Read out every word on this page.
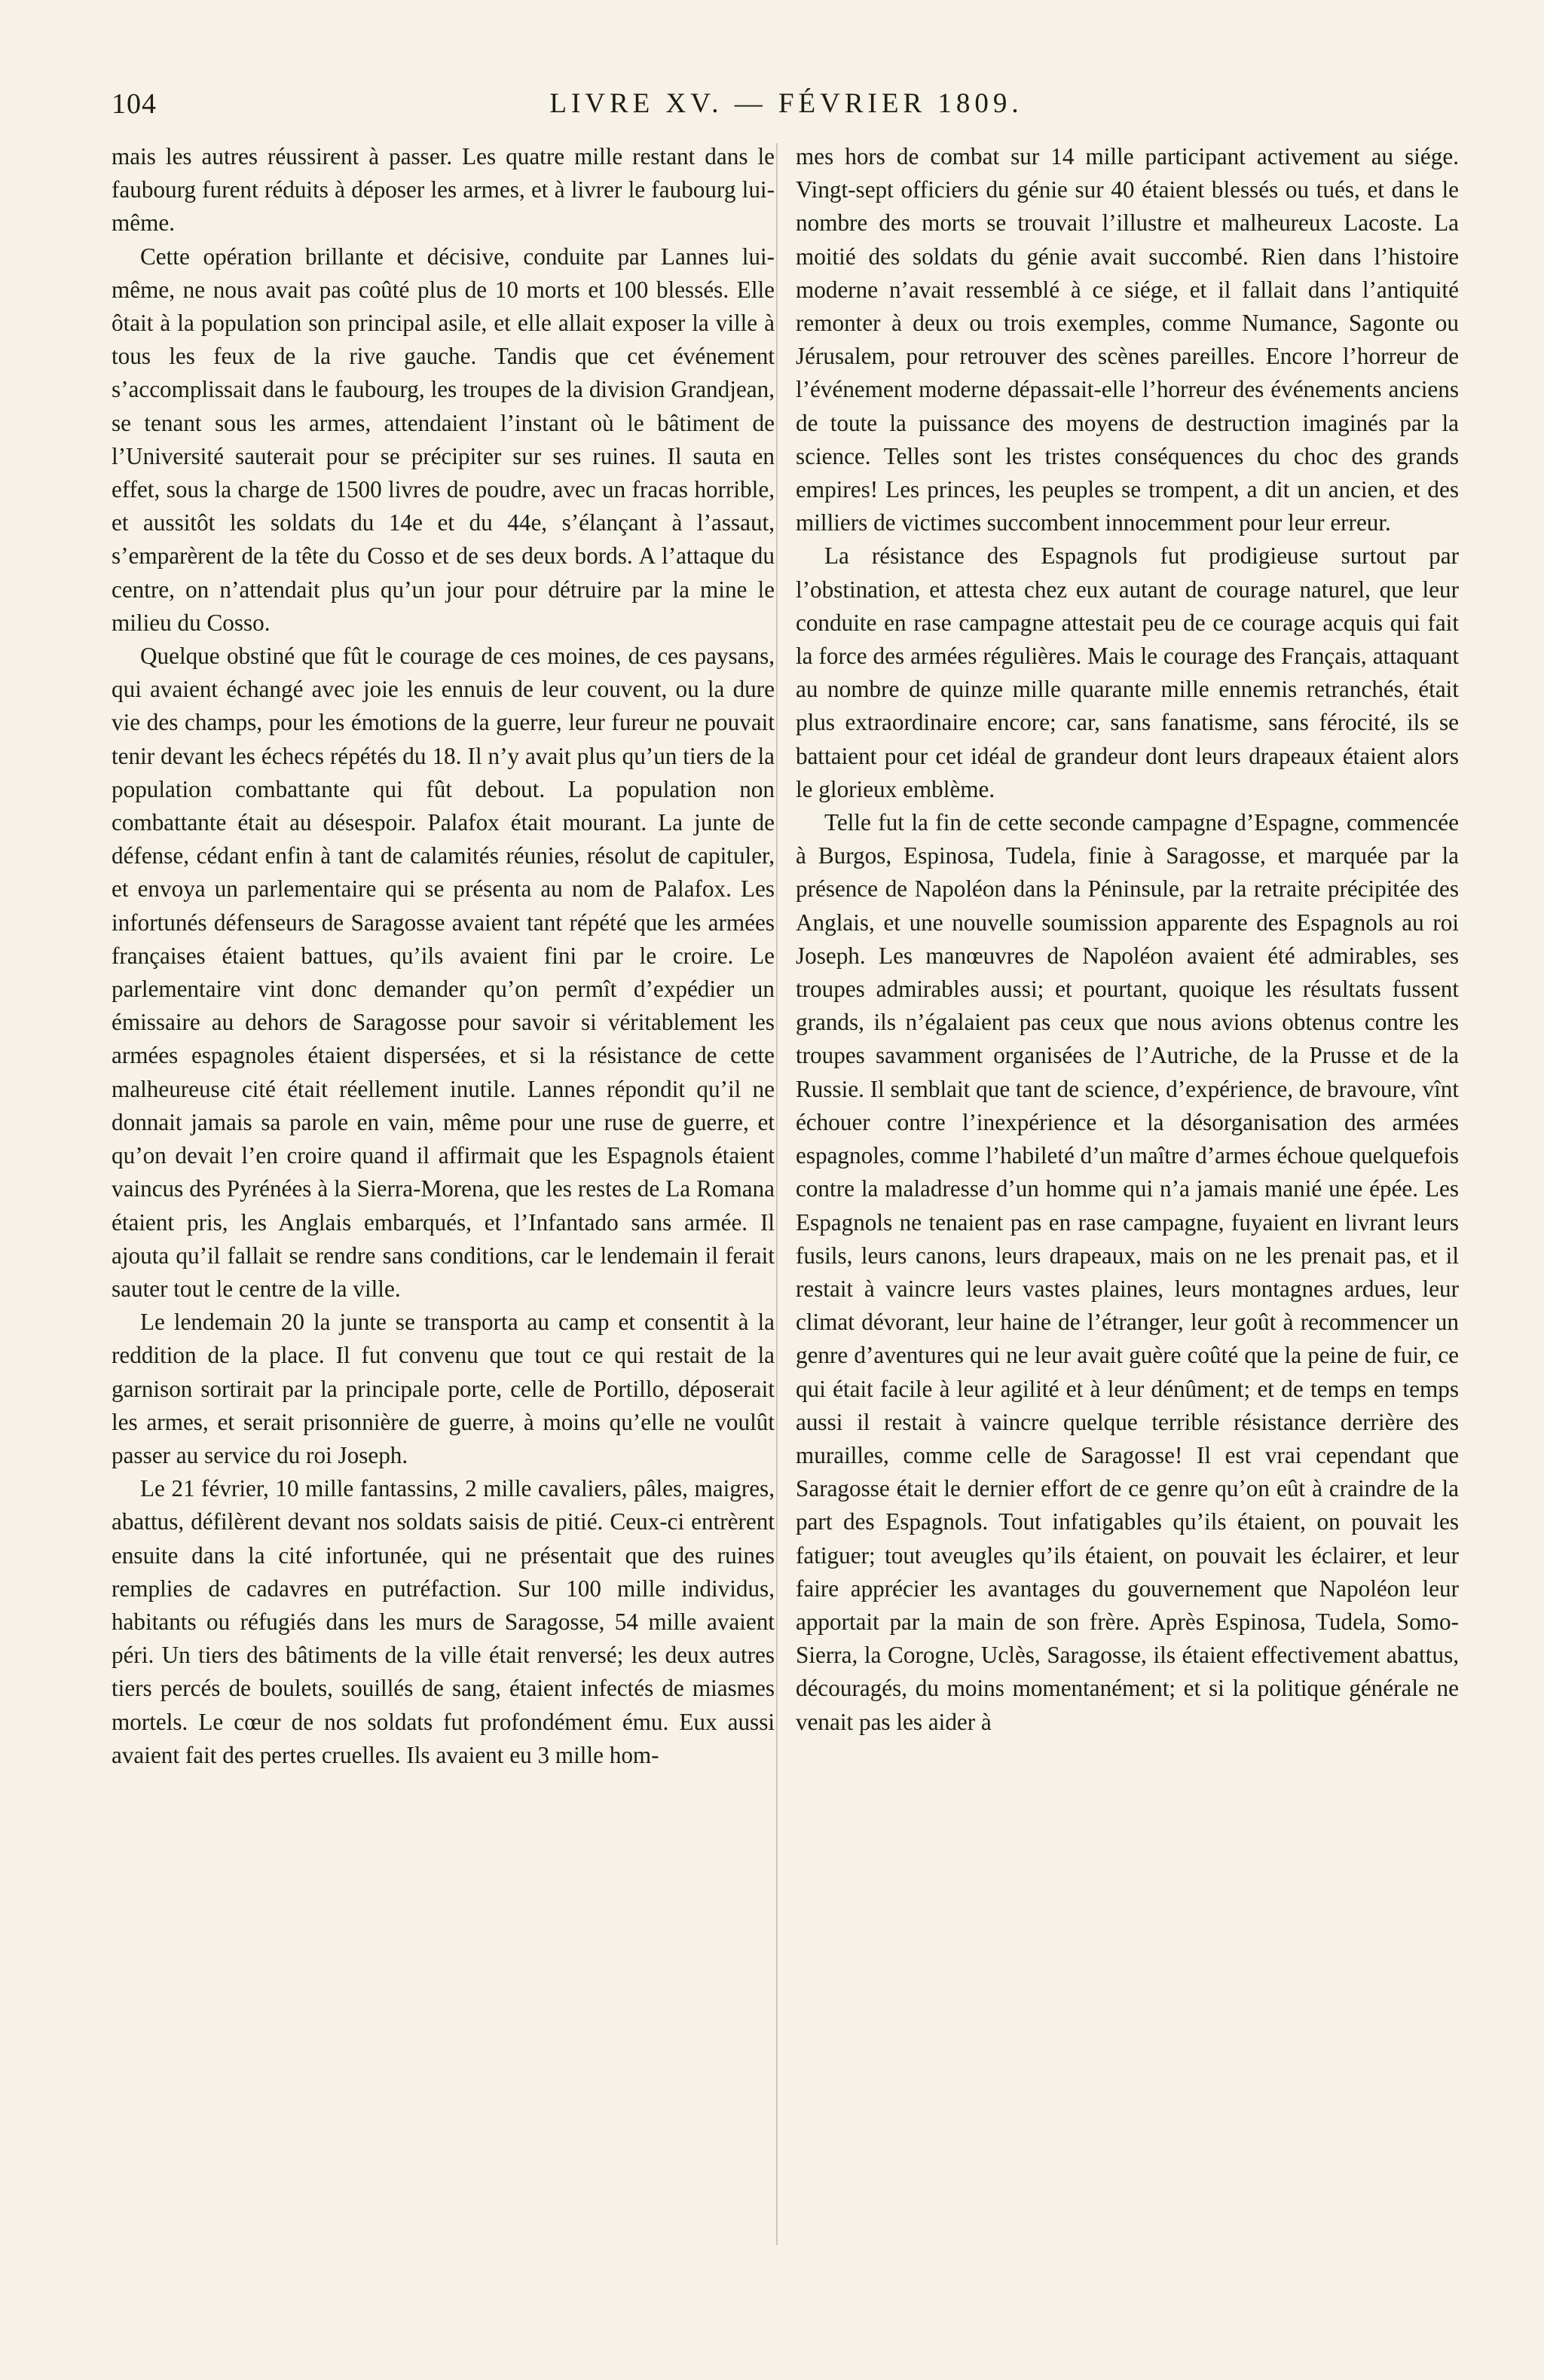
104	LIVRE XV. — FÉVRIER 1809.

mais les autres réussirent à passer. Les quatre mille restant dans le faubourg furent réduits à déposer les armes, et à livrer le faubourg lui-même.

Cette opération brillante et décisive, conduite par Lannes lui-même, ne nous avait pas coûté plus de 10 morts et 100 blessés. Elle ôtait à la population son principal asile, et elle allait exposer la ville à tous les feux de la rive gauche. Tandis que cet événement s’accomplissait dans le faubourg, les troupes de la division Grandjean, se tenant sous les armes, attendaient l’instant où le bâtiment de l’Université sauterait pour se précipiter sur ses ruines. Il sauta en effet, sous la charge de 1500 livres de poudre, avec un fracas horrible, et aussitôt les soldats du 14e et du 44e, s’élançant à l’assaut, s’emparèrent de la tête du Cosso et de ses deux bords. A l’attaque du centre, on n’attendait plus qu’un jour pour détruire par la mine le milieu du Cosso.

Quelque obstiné que fût le courage de ces moines, de ces paysans, qui avaient échangé avec joie les ennuis de leur couvent, ou la dure vie des champs, pour les émotions de la guerre, leur fureur ne pouvait tenir devant les échecs répétés du 18. Il n’y avait plus qu’un tiers de la population combattante qui fût debout. La population non combattante était au désespoir. Palafox était mourant. La junte de défense, cédant enfin à tant de calamités réunies, résolut de capituler, et envoya un parlementaire qui se présenta au nom de Palafox. Les infortunés défenseurs de Saragosse avaient tant répété que les armées françaises étaient battues, qu’ils avaient fini par le croire. Le parlementaire vint donc demander qu’on permît d’expédier un émissaire au dehors de Saragosse pour savoir si véritablement les armées espagnoles étaient dispersées, et si la résistance de cette malheureuse cité était réellement inutile. Lannes répondit qu’il ne donnait jamais sa parole en vain, même pour une ruse de guerre, et qu’on devait l’en croire quand il affirmait que les Espagnols étaient vaincus des Pyrénées à la Sierra-Morena, que les restes de La Romana étaient pris, les Anglais embarqués, et l’Infantado sans armée. Il ajouta qu’il fallait se rendre sans conditions, car le lendemain il ferait sauter tout le centre de la ville.

Le lendemain 20 la junte se transporta au camp et consentit à la reddition de la place. Il fut convenu que tout ce qui restait de la garnison sortirait par la principale porte, celle de Portillo, déposerait les armes, et serait prisonnière de guerre, à moins qu’elle ne voulût passer au service du roi Joseph.

Le 21 février, 10 mille fantassins, 2 mille cavaliers, pâles, maigres, abattus, défilèrent devant nos soldats saisis de pitié. Ceux-ci entrèrent ensuite dans la cité infortunée, qui ne présentait que des ruines remplies de cadavres en putréfaction. Sur 100 mille individus, habitants ou réfugiés dans les murs de Saragosse, 54 mille avaient péri. Un tiers des bâtiments de la ville était renversé; les deux autres tiers percés de boulets, souillés de sang, étaient infectés de miasmes mortels. Le cœur de nos soldats fut profondément ému. Eux aussi avaient fait des pertes cruelles. Ils avaient eu 3 mille hom-

mes hors de combat sur 14 mille participant activement au siége. Vingt-sept officiers du génie sur 40 étaient blessés ou tués, et dans le nombre des morts se trouvait l’illustre et malheureux Lacoste. La moitié des soldats du génie avait succombé. Rien dans l’histoire moderne n’avait ressemblé à ce siége, et il fallait dans l’antiquité remonter à deux ou trois exemples, comme Numance, Sagonte ou Jérusalem, pour retrouver des scènes pareilles. Encore l’horreur de l’événement moderne dépassait-elle l’horreur des événements anciens de toute la puissance des moyens de destruction imaginés par la science. Telles sont les tristes conséquences du choc des grands empires! Les princes, les peuples se trompent, a dit un ancien, et des milliers de victimes succombent innocemment pour leur erreur.

La résistance des Espagnols fut prodigieuse surtout par l’obstination, et attesta chez eux autant de courage naturel, que leur conduite en rase campagne attestait peu de ce courage acquis qui fait la force des armées régulières. Mais le courage des Français, attaquant au nombre de quinze mille quarante mille ennemis retranchés, était plus extraordinaire encore; car, sans fanatisme, sans férocité, ils se battaient pour cet idéal de grandeur dont leurs drapeaux étaient alors le glorieux emblème.

Telle fut la fin de cette seconde campagne d’Espagne, commencée à Burgos, Espinosa, Tudela, finie à Saragosse, et marquée par la présence de Napoléon dans la Péninsule, par la retraite précipitée des Anglais, et une nouvelle soumission apparente des Espagnols au roi Joseph. Les manœuvres de Napoléon avaient été admirables, ses troupes admirables aussi; et pourtant, quoique les résultats fussent grands, ils n’égalaient pas ceux que nous avions obtenus contre les troupes savamment organisées de l’Autriche, de la Prusse et de la Russie. Il semblait que tant de science, d’expérience, de bravoure, vînt échouer contre l’inexpérience et la désorganisation des armées espagnoles, comme l’habileté d’un maître d’armes échoue quelquefois contre la maladresse d’un homme qui n’a jamais manié une épée. Les Espagnols ne tenaient pas en rase campagne, fuyaient en livrant leurs fusils, leurs canons, leurs drapeaux, mais on ne les prenait pas, et il restait à vaincre leurs vastes plaines, leurs montagnes ardues, leur climat dévorant, leur haine de l’étranger, leur goût à recommencer un genre d’aventures qui ne leur avait guère coûté que la peine de fuir, ce qui était facile à leur agilité et à leur dénûment; et de temps en temps aussi il restait à vaincre quelque terrible résistance derrière des murailles, comme celle de Saragosse! Il est vrai cependant que Saragosse était le dernier effort de ce genre qu’on eût à craindre de la part des Espagnols. Tout infatigables qu’ils étaient, on pouvait les fatiguer; tout aveugles qu’ils étaient, on pouvait les éclairer, et leur faire apprécier les avantages du gouvernement que Napoléon leur apportait par la main de son frère. Après Espinosa, Tudela, Somo-Sierra, la Corogne, Uclès, Saragosse, ils étaient effectivement abattus, découragés, du moins momentanément; et si la politique générale ne venait pas les aider à
